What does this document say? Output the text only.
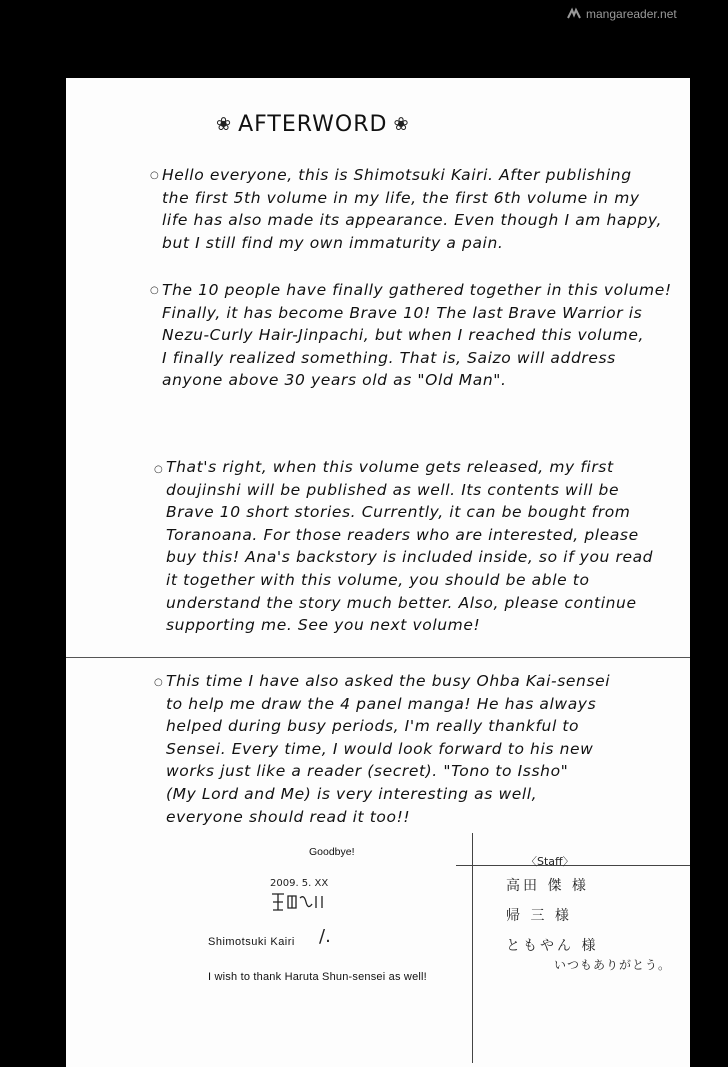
mangareader.net
❀ AFTERWORD ❀
○ Hello everyone, this is Shimotsuki Kairi. After publishing
the first 5th volume in my life, the first 6th volume in my
life has also made its appearance. Even though I am happy,
but I still find my own immaturity a pain.
○ The 10 people have finally gathered together in this volume!
Finally, it has become Brave 10! The last Brave Warrior is
Nezu-Curly Hair-Jinpachi, but when I reached this volume,
I finally realized something. That is, Saizo will address
anyone above 30 years old as "Old Man".
○ That's right, when this volume gets released, my first
doujinshi will be published as well. Its contents will be
Brave 10 short stories. Currently, it can be bought from
Toranoana. For those readers who are interested, please
buy this! Ana's backstory is included inside, so if you read
it together with this volume, you should be able to
understand the story much better. Also, please continue
supporting me. See you next volume!
○ This time I have also asked the busy Ohba Kai-sensei
to help me draw the 4 panel manga! He has always
helped during busy periods, I'm really thankful to
Sensei. Every time, I would look forward to his new
works just like a reader (secret). "Tono to Issho"
(My Lord and Me) is very interesting as well,
everyone should read it too!!
Goodbye!
2009. 5. XX
Shimotsuki Kairi /.
I wish to thank Haruta Shun-sensei as well!
〈Staff〉
高田 傑 様
帰 三 様
ともやん 様
いつもありがとう。
